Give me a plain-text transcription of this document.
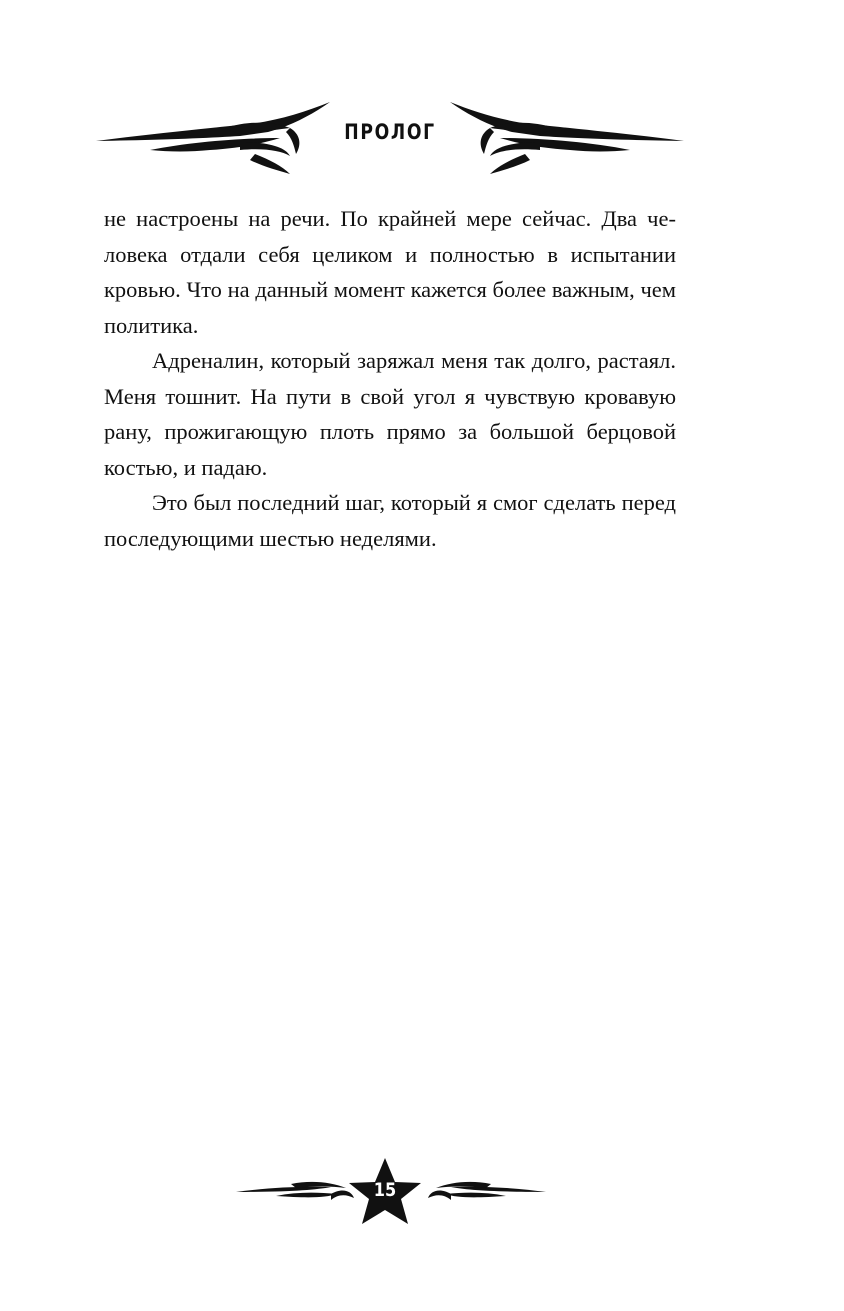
ПРОЛОГ

не настроены на речи. По крайней мере сейчас. Два человека отдали себя целиком и полностью в испытании кровью. Что на данный момент кажется более важным, чем политика.

Адреналин, который заряжал меня так долго, растаял. Меня тошнит. На пути в свой угол я чувствую кровавую рану, прожигающую плоть прямо за большой берцовой костью, и падаю.

Это был последний шаг, который я смог сделать перед последующими шестью неделями.

15
